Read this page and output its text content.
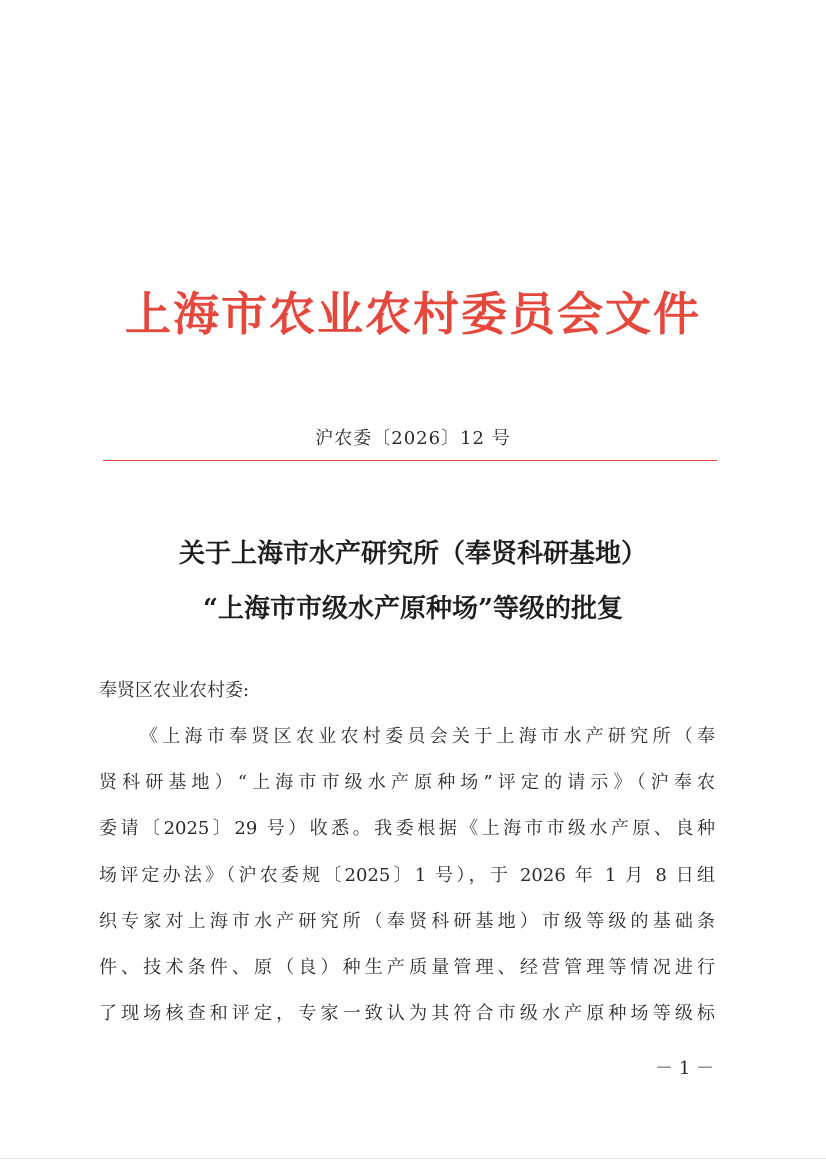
上海市农业农村委员会文件
沪农委〔2026〕12 号
关于上海市水产研究所（奉贤科研基地）
“上海市市级水产原种场”等级的批复
奉贤区农业农村委:
《上海市奉贤区农业农村委员会关于上海市水产研究所（奉
贤科研基地）“上海市市级水产原种场”评定的请示》（沪奉农
委请〔2025〕29 号）收悉。我委根据《上海市市级水产原、良种
场评定办法》（沪农委规〔2025〕1 号），于 2026 年 1 月 8 日组
织专家对上海市水产研究所（奉贤科研基地）市级等级的基础条
件、技术条件、原（良）种生产质量管理、经营管理等情况进行
了现场核查和评定，专家一致认为其符合市级水产原种场等级标
－ 1 －
